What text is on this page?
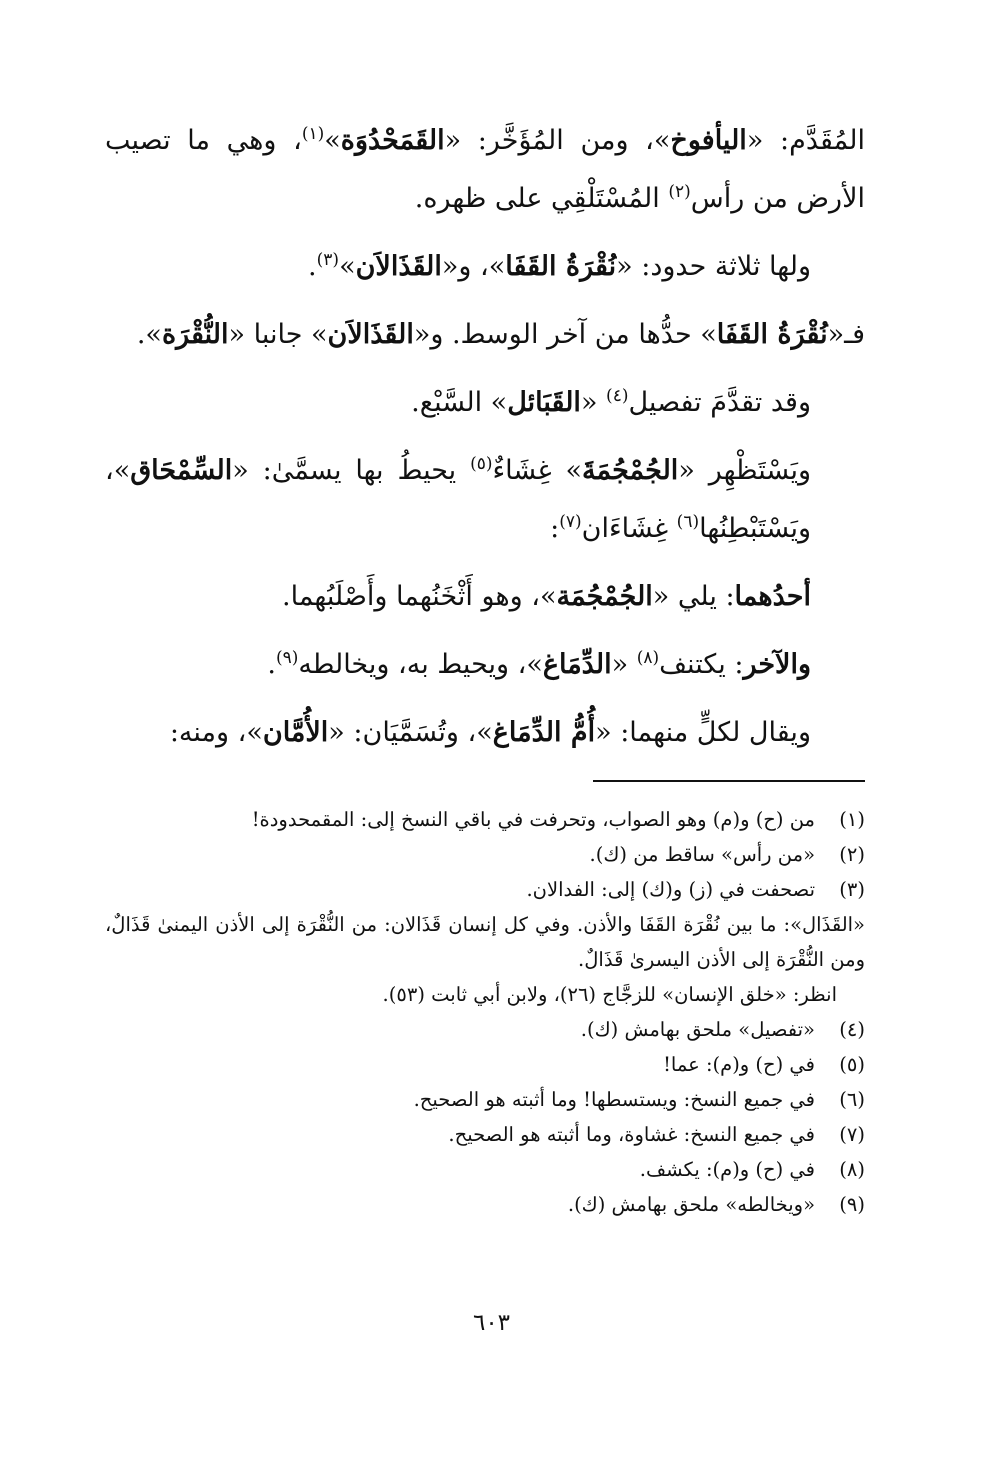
المُقَدَّم: «اليأفوخ»، ومن المُؤَخَّر: «القَمَحْدُوَة»$^{(١)}$، وهي ما تصيب الأرض من رأس$^{(٢)}$ المُسْتَلْقِي على ظهره.

ولها ثلاثة حدود: «نُقْرَةُ القَفَا»، و«القَذَالاَن»$^{(٣)}$.

فـ«نُقْرَةُ القَفَا» حدُّها من آخر الوسط. و«القَذَالاَن» جانبا «النُّقْرَة».

وقد تقدَّمَ تفصيل$^{(٤)}$ «القَبَائل» السَّبْع.

ويَسْتَظْهِر «الجُمْجُمَةَ» غِشَاءٌ$^{(٥)}$ يحيطُ بها يسمَّىٰ: «السِّمْحَاق»، ويَسْتَبْطِنُها$^{(٦)}$ غِشَاءَان$^{(٧)}$:

أحدُهما: يلي «الجُمْجُمَة»، وهو أَثْخَنُهما وأَصْلَبُهما.

والآخر: يكتنف$^{(٨)}$ «الدِّمَاغ»، ويحيط به، ويخالطه$^{(٩)}$.

ويقال لكلٍّ منهما: «أُمُّ الدِّمَاغ»، وتُسَمَّيَان: «الأُمَّان»، ومنه:

(١)
من (ح) و(م) وهو الصواب، وتحرفت في باقي النسخ إلى: المقمحدودة!
(٢)
«من رأس» ساقط من (ك).
(٣)
تصحفت في (ز) و(ك) إلى: الفدالان.
«القَذَال»: ما بين نُقْرَة القَفَا والأذن. وفي كل إنسان قَذَالان: من النُّقْرَة إلى الأذن اليمنىٰ قَذَالٌ، ومن النُّقْرَة إلى الأذن اليسرىٰ قَذَالٌ.
انظر: «خلق الإنسان» للزجَّاج (٢٦)، ولابن أبي ثابت (٥٣).
(٤)
«تفصيل» ملحق بهامش (ك).
(٥)
في (ح) و(م): عما!
(٦)
في جميع النسخ: ويستسطها! وما أثبته هو الصحيح.
(٧)
في جميع النسخ: غشاوة، وما أثبته هو الصحيح.
(٨)
في (ح) و(م): يكشف.
(٩)
«ويخالطه» ملحق بهامش (ك).
٦٠٣
